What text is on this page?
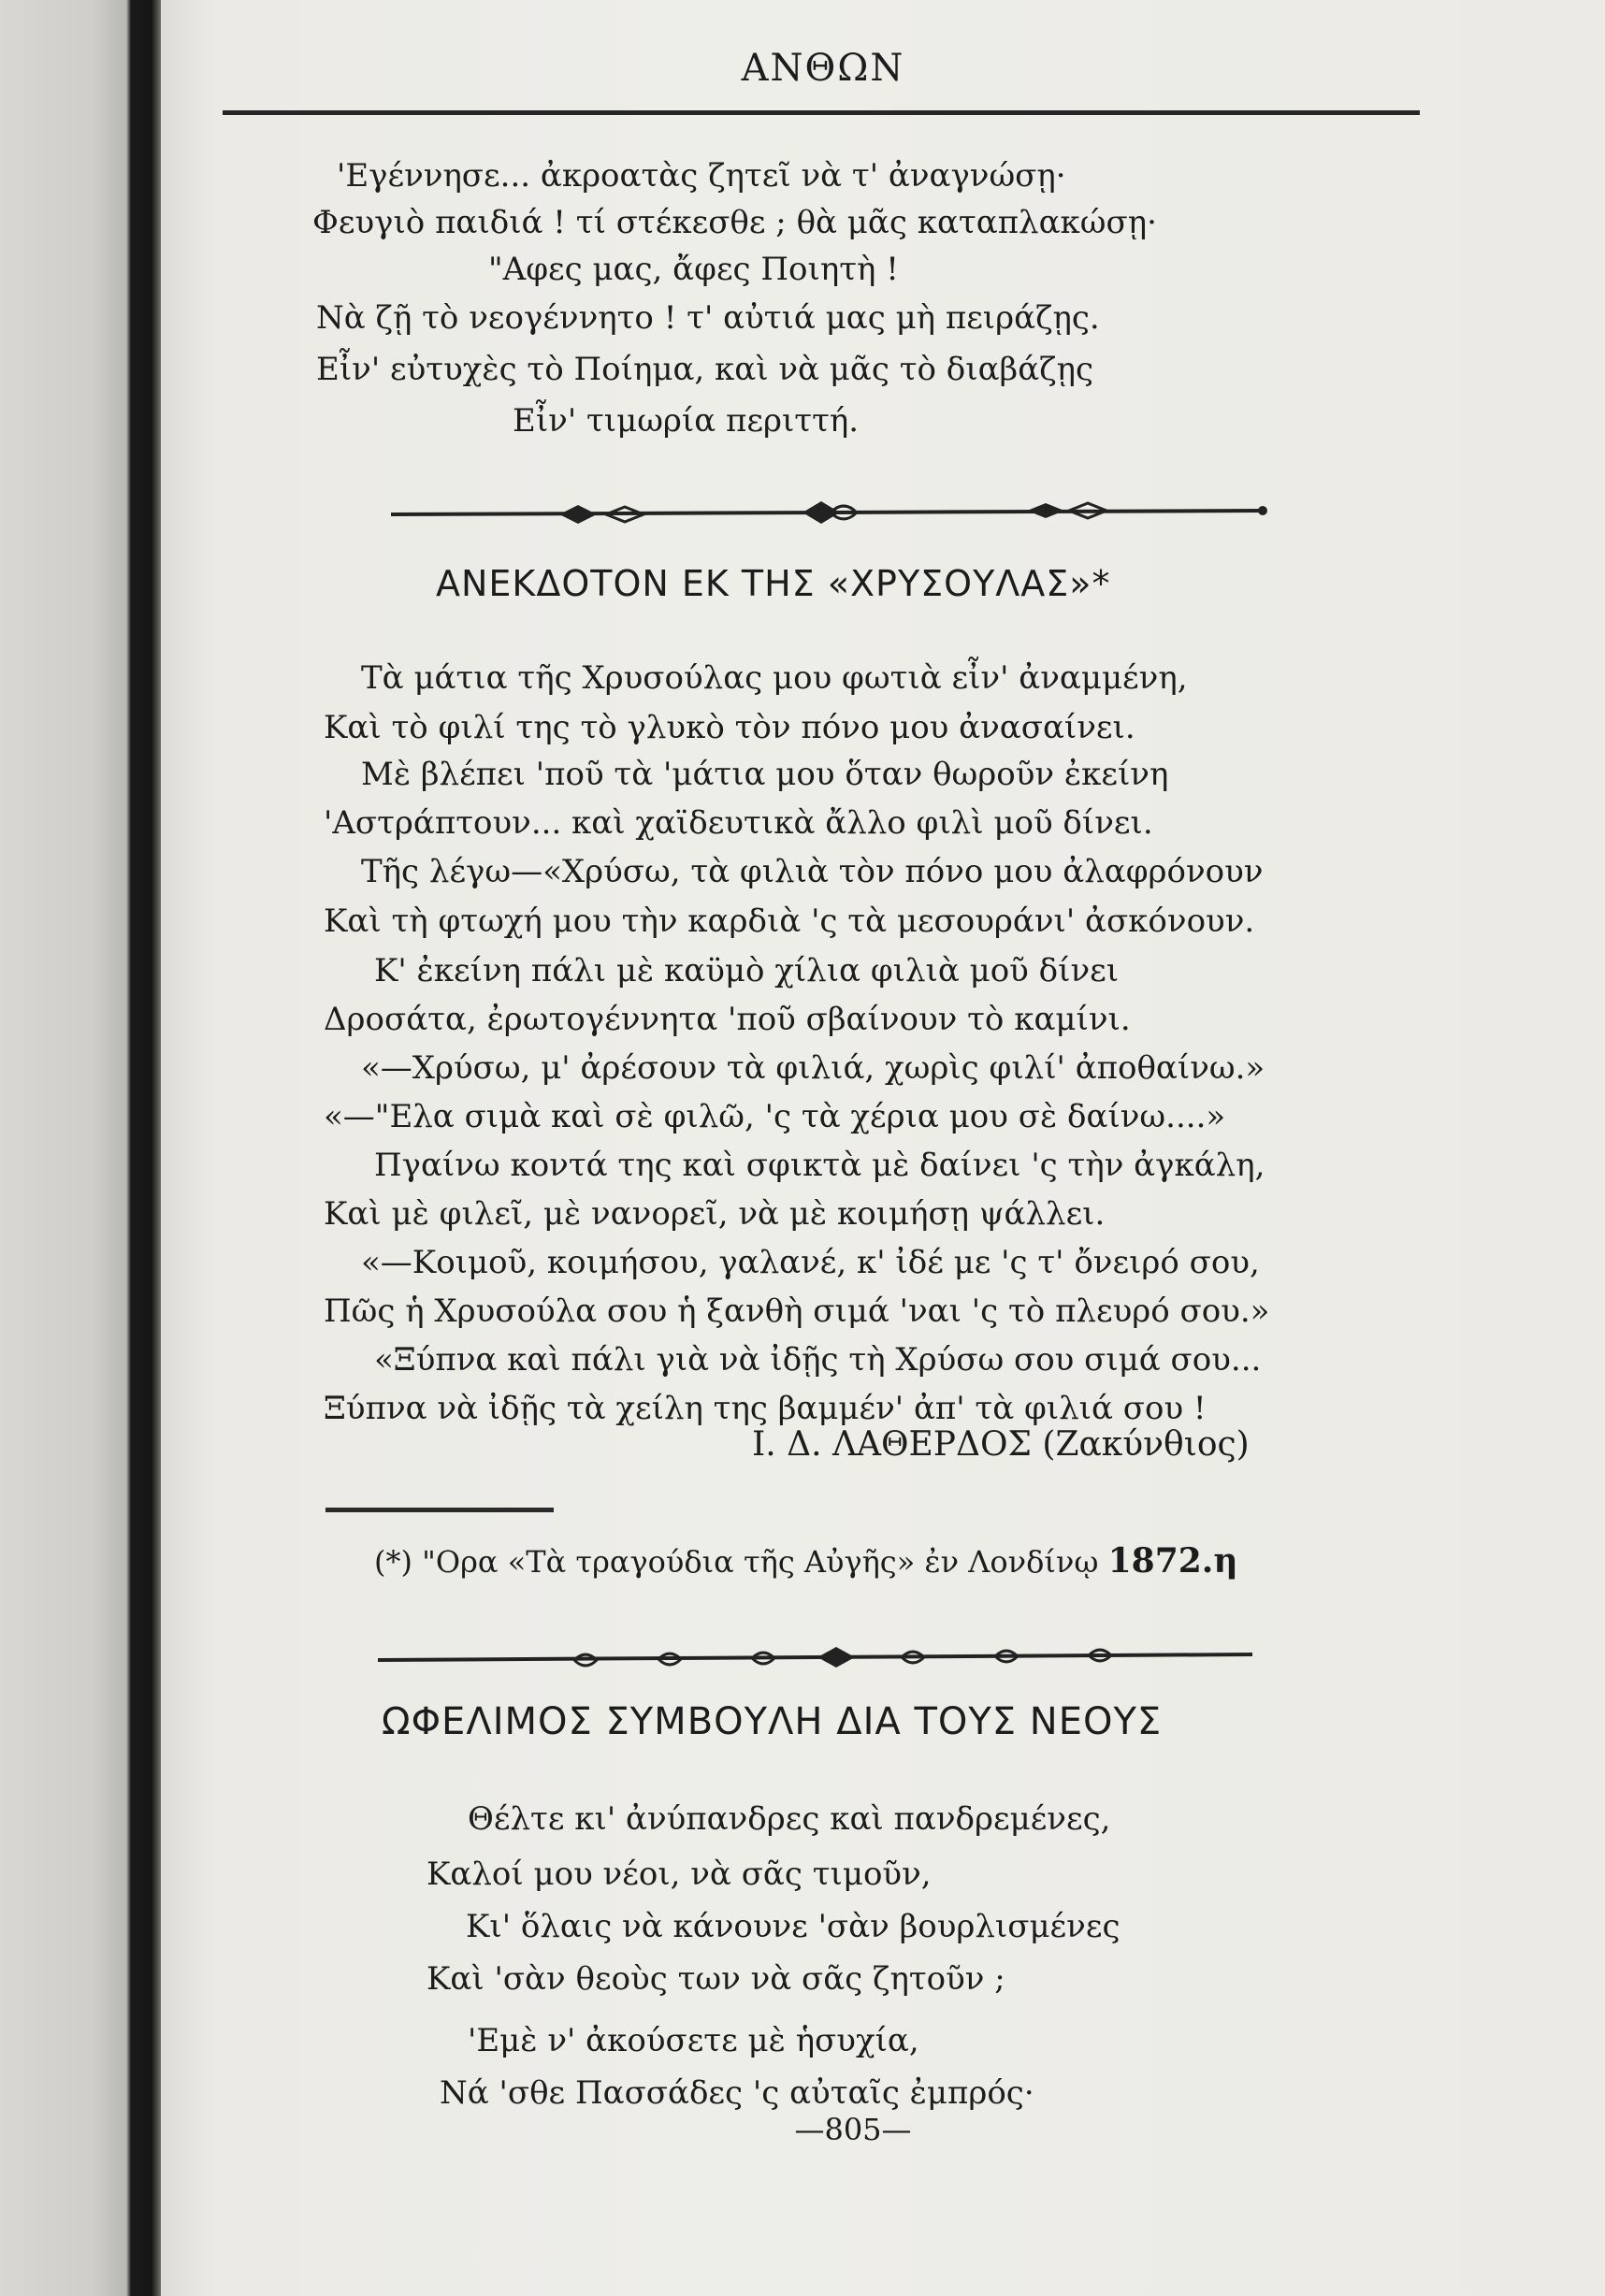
ΑΝΘΩΝ
'Εγέννησε... ἀκροατὰς ζητεῖ νὰ τ' ἀναγνώσῃ·
Φευγιὸ παιδιά ! τί στέκεσθε ; θὰ μᾶς καταπλακώσῃ·
"Αφες μας, ἄφες Ποιητὴ !
Νὰ ζῇ τὸ νεογέννητο ! τ' αὐτιά μας μὴ πειράζῃς.
Εἶν' εὐτυχὲς τὸ Ποίημα, καὶ νὰ μᾶς τὸ διαβάζῃς
Εἶν' τιμωρία περιττή.
ΑΝΕΚΔΟΤΟΝ ΕΚ ΤΗΣ «ΧΡΥΣΟΥΛΑΣ»*
Τὰ μάτια τῆς Χρυσούλας μου φωτιὰ εἶν' ἀναμμένη,
Καὶ τὸ φιλί της τὸ γλυκὸ τὸν πόνο μου ἀνασαίνει.
Μὲ βλέπει 'ποῦ τὰ 'μάτια μου ὅταν θωροῦν ἐκείνη
'Αστράπτουν... καὶ χαϊδευτικὰ ἄλλο φιλὶ μοῦ δίνει.
Τῆς λέγω—«Χρύσω, τὰ φιλιὰ τὸν πόνο μου ἀλαφρόνουν
Καὶ τὴ φτωχή μου τὴν καρδιὰ 'ς τὰ μεσουράνι' ἀσκόνουν.
Κ' ἐκείνη πάλι μὲ καϋμὸ χίλια φιλιὰ μοῦ δίνει
Δροσάτα, ἐρωτογέννητα 'ποῦ σβαίνουν τὸ καμίνι.
«—Χρύσω, μ' ἀρέσουν τὰ φιλιά, χωρὶς φιλί' ἀποθαίνω.»
«—"Ελα σιμὰ καὶ σὲ φιλῶ, 'ς τὰ χέρια μου σὲ δαίνω....»
Πγαίνω κοντά της καὶ σφικτὰ μὲ δαίνει 'ς τὴν ἀγκάλη,
Καὶ μὲ φιλεῖ, μὲ νανορεῖ, νὰ μὲ κοιμήσῃ ψάλλει.
«—Κοιμοῦ, κοιμήσου, γαλανέ, κ' ἰδέ με 'ς τ' ὄνειρό σου,
Πῶς ἡ Χρυσούλα σου ἡ ξανθὴ σιμά 'ναι 'ς τὸ πλευρό σου.»
«Ξύπνα καὶ πάλι γιὰ νὰ ἰδῇς τὴ Χρύσω σου σιμά σου...
Ξύπνα νὰ ἰδῇς τὰ χείλη της βαμμέν' ἀπ' τὰ φιλιά σου !
Ι. Δ. ΛΑΘΕΡΔΟΣ (Ζακύνθιος)
(*) "Ορα «Τὰ τραγούδια τῆς Αὐγῆς» ἐν Λονδίνῳ 1872.η
ΩΦΕΛΙΜΟΣ ΣΥΜΒΟΥΛΗ ΔΙΑ ΤΟΥΣ ΝΕΟΥΣ
Θέλτε κι' ἀνύπανδρες καὶ πανδρεμένες,
Καλοί μου νέοι, νὰ σᾶς τιμοῦν,
Κι' ὅλαις νὰ κάνουνε 'σὰν βουρλισμένες
Καὶ 'σὰν θεοὺς των νὰ σᾶς ζητοῦν ;
'Εμὲ ν' ἀκούσετε μὲ ἡσυχία,
Νά 'σθε Πασσάδες 'ς αὐταῖς ἐμπρός·
—805—
